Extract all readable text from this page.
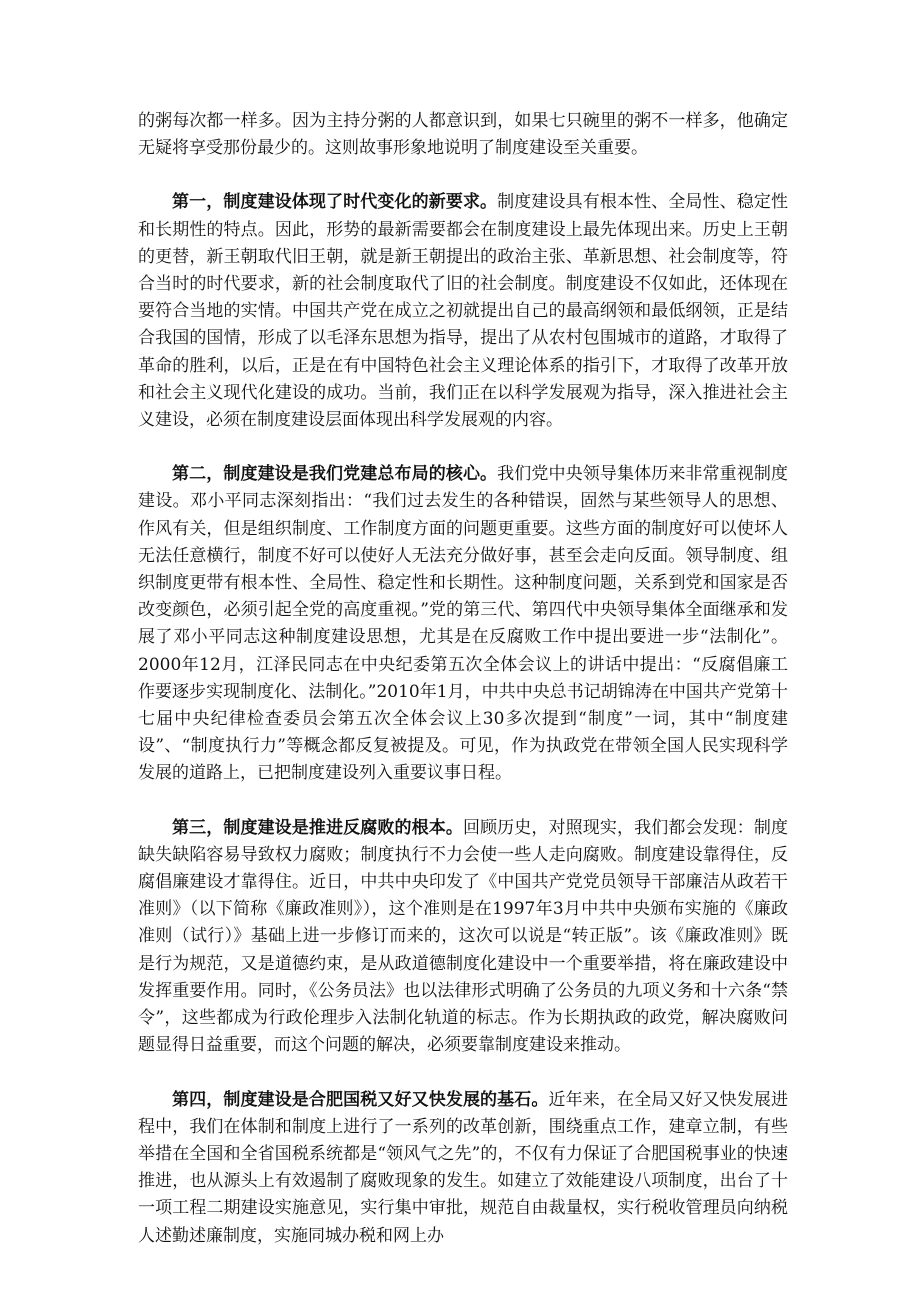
的粥每次都一样多。因为主持分粥的人都意识到，如果七只碗里的粥不一样多，他确定无疑将享受那份最少的。这则故事形象地说明了制度建设至关重要。

第一，制度建设体现了时代变化的新要求。制度建设具有根本性、全局性、稳定性和长期性的特点。因此，形势的最新需要都会在制度建设上最先体现出来。历史上王朝的更替，新王朝取代旧王朝，就是新王朝提出的政治主张、革新思想、社会制度等，符合当时的时代要求，新的社会制度取代了旧的社会制度。制度建设不仅如此，还体现在要符合当地的实情。中国共产党在成立之初就提出自己的最高纲领和最低纲领，正是结合我国的国情，形成了以毛泽东思想为指导，提出了从农村包围城市的道路，才取得了革命的胜利，以后，正是在有中国特色社会主义理论体系的指引下，才取得了改革开放和社会主义现代化建设的成功。当前，我们正在以科学发展观为指导，深入推进社会主义建设，必须在制度建设层面体现出科学发展观的内容。

第二，制度建设是我们党建总布局的核心。我们党中央领导集体历来非常重视制度建设。邓小平同志深刻指出：“我们过去发生的各种错误，固然与某些领导人的思想、作风有关，但是组织制度、工作制度方面的问题更重要。这些方面的制度好可以使坏人无法任意横行，制度不好可以使好人无法充分做好事，甚至会走向反面。领导制度、组织制度更带有根本性、全局性、稳定性和长期性。这种制度问题，关系到党和国家是否改变颜色，必须引起全党的高度重视。”党的第三代、第四代中央领导集体全面继承和发展了邓小平同志这种制度建设思想，尤其是在反腐败工作中提出要进一步“法制化”。2000年12月，江泽民同志在中央纪委第五次全体会议上的讲话中提出：“反腐倡廉工作要逐步实现制度化、法制化。”2010年1月，中共中央总书记胡锦涛在中国共产党第十七届中央纪律检查委员会第五次全体会议上30多次提到“制度”一词，其中“制度建设”、“制度执行力”等概念都反复被提及。可见，作为执政党在带领全国人民实现科学发展的道路上，已把制度建设列入重要议事日程。

第三，制度建设是推进反腐败的根本。回顾历史，对照现实，我们都会发现：制度缺失缺陷容易导致权力腐败；制度执行不力会使一些人走向腐败。制度建设靠得住，反腐倡廉建设才靠得住。近日，中共中央印发了《中国共产党党员领导干部廉洁从政若干准则》（以下简称《廉政准则》），这个准则是在1997年3月中共中央颁布实施的《廉政准则（试行）》基础上进一步修订而来的，这次可以说是“转正版”。该《廉政准则》既是行为规范，又是道德约束，是从政道德制度化建设中一个重要举措，将在廉政建设中发挥重要作用。同时，《公务员法》也以法律形式明确了公务员的九项义务和十六条“禁令”，这些都成为行政伦理步入法制化轨道的标志。作为长期执政的政党，解决腐败问题显得日益重要，而这个问题的解决，必须要靠制度建设来推动。

第四，制度建设是合肥国税又好又快发展的基石。近年来，在全局又好又快发展进程中，我们在体制和制度上进行了一系列的改革创新，围绕重点工作，建章立制，有些举措在全国和全省国税系统都是“领风气之先”的，不仅有力保证了合肥国税事业的快速推进，也从源头上有效遏制了腐败现象的发生。如建立了效能建设八项制度，出台了十一项工程二期建设实施意见，实行集中审批，规范自由裁量权，实行税收管理员向纳税人述勤述廉制度，实施同城办税和网上办
